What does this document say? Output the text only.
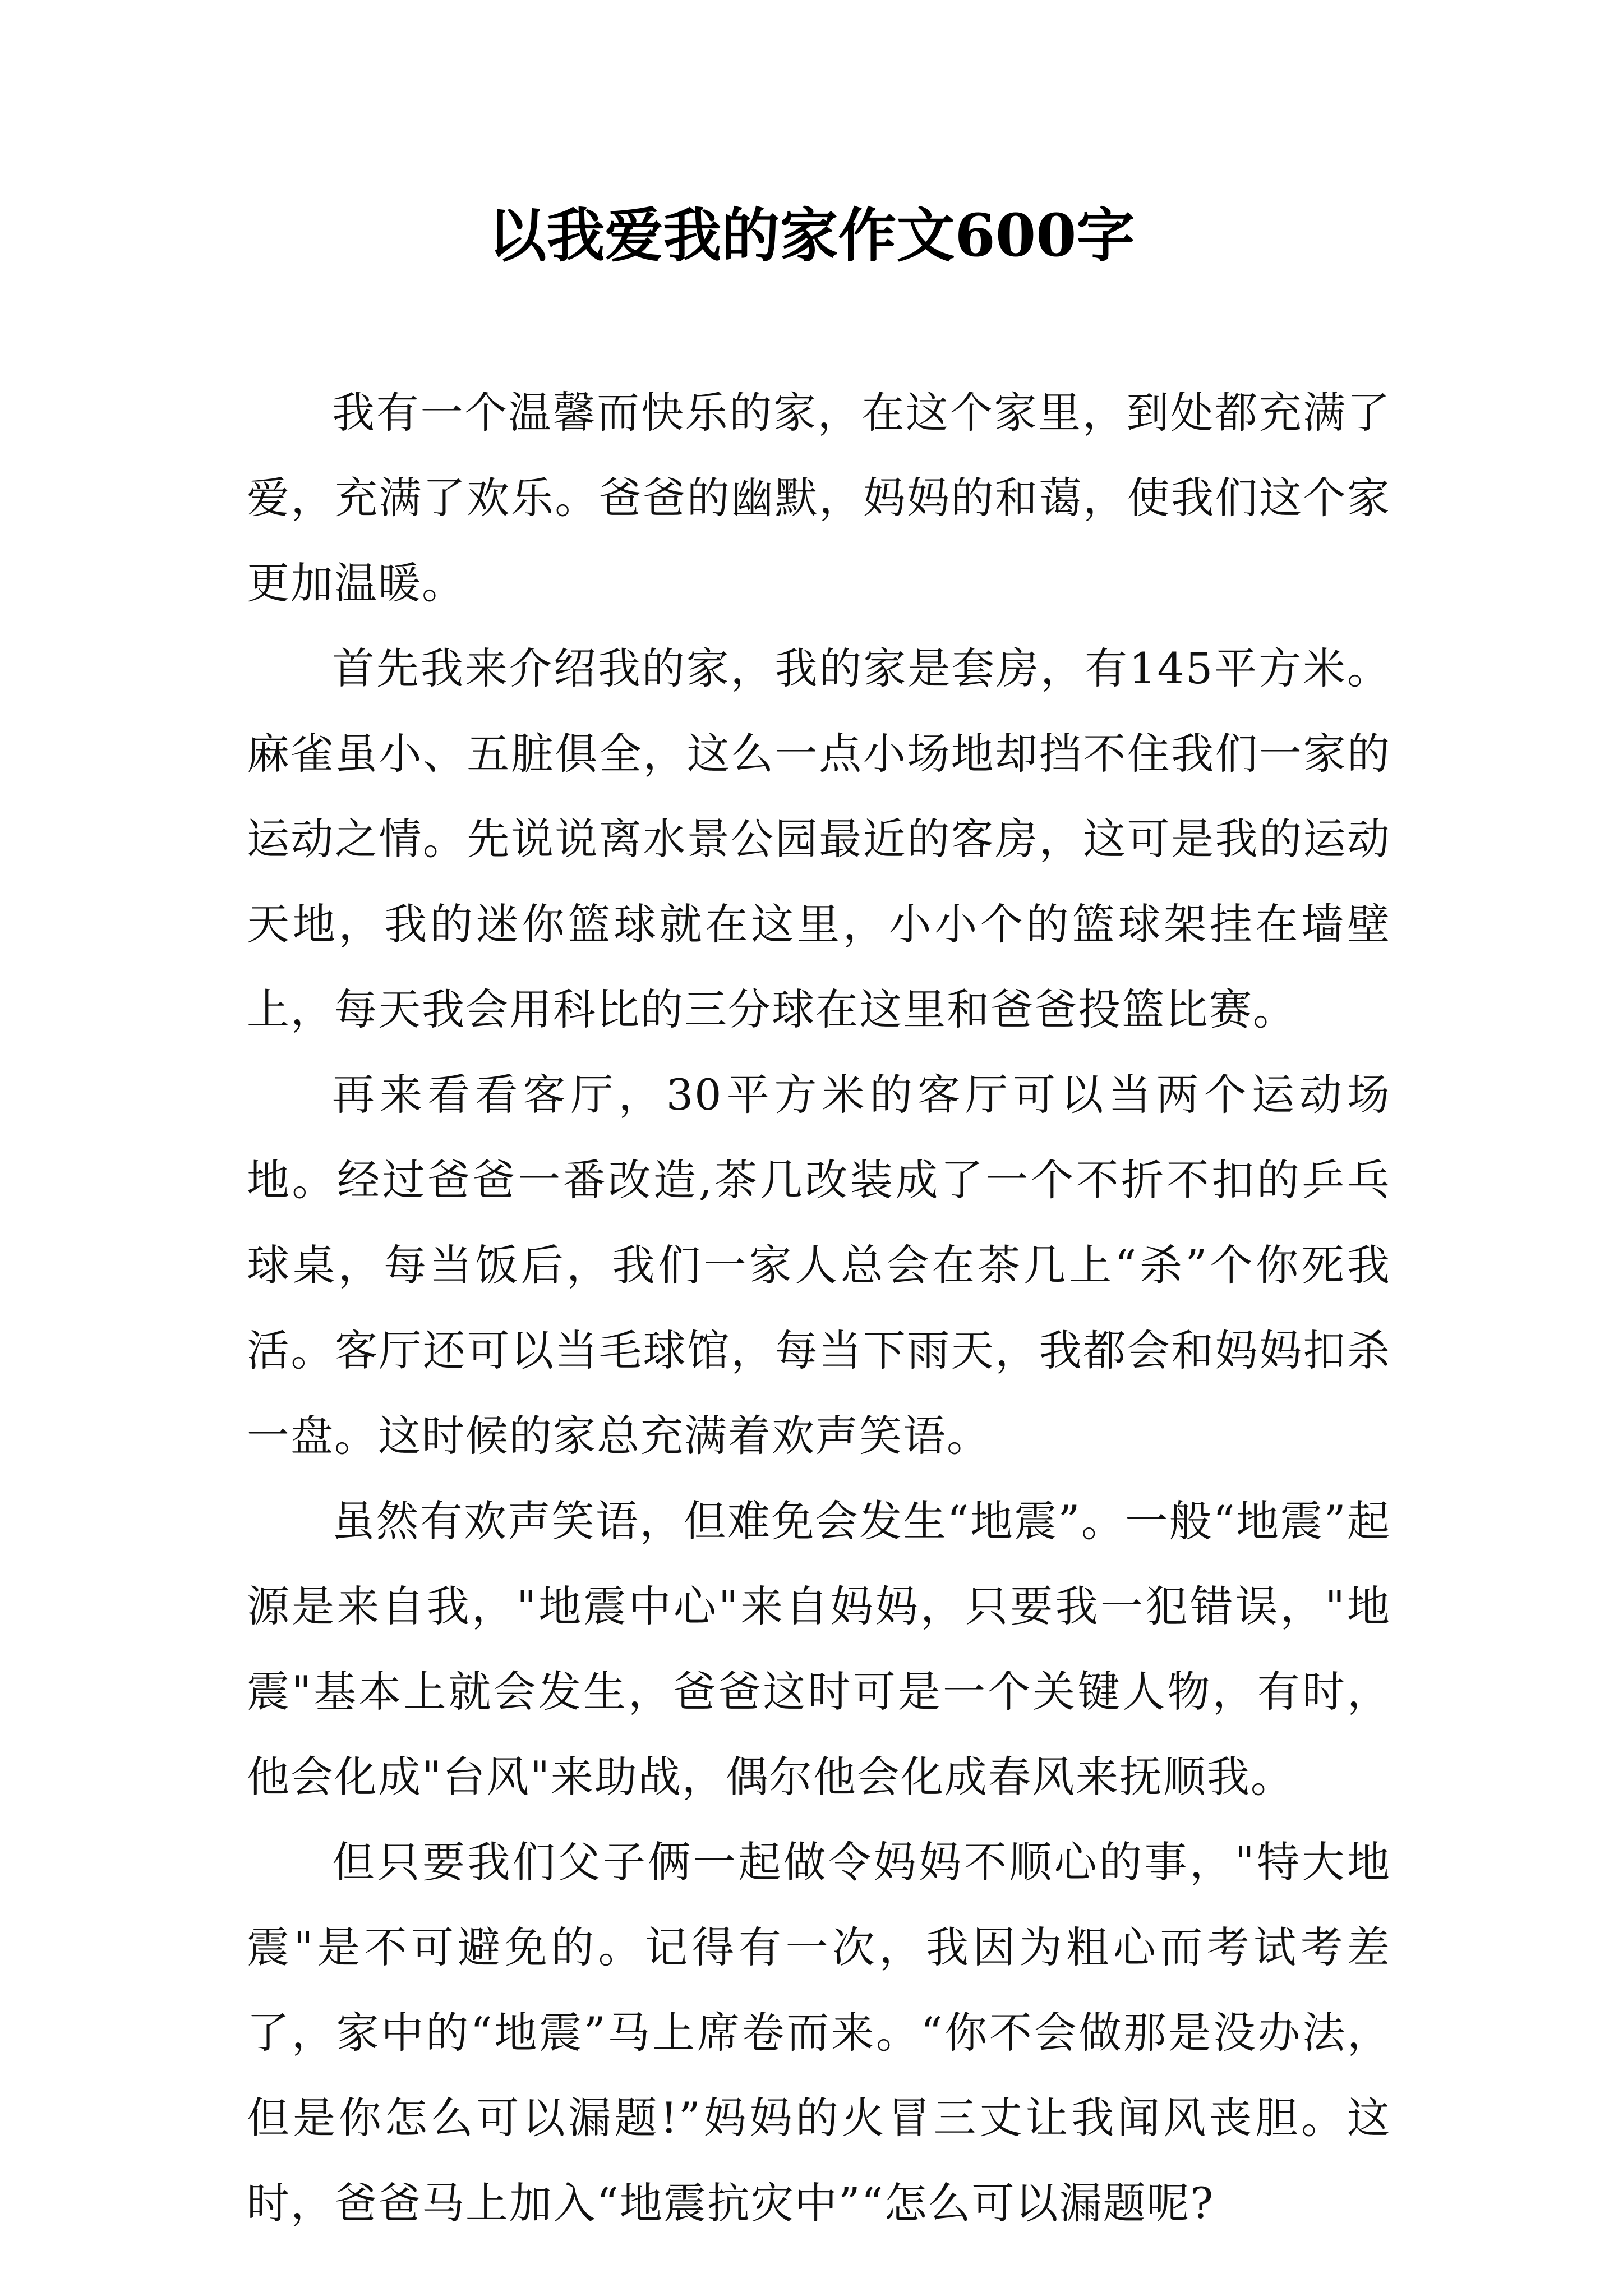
以我爱我的家作文600字

我有一个温馨而快乐的家，在这个家里，到处都充满了爱，充满了欢乐。爸爸的幽默，妈妈的和蔼，使我们这个家更加温暖。

首先我来介绍我的家，我的家是套房，有145平方米。麻雀虽小、五脏俱全，这么一点小场地却挡不住我们一家的运动之情。先说说离水景公园最近的客房，这可是我的运动天地，我的迷你篮球就在这里，小小个的篮球架挂在墙壁上，每天我会用科比的三分球在这里和爸爸投篮比赛。

再来看看客厅，30平方米的客厅可以当两个运动场地。经过爸爸一番改造,茶几改装成了一个不折不扣的乒乓球桌，每当饭后，我们一家人总会在茶几上“杀”个你死我活。客厅还可以当毛球馆，每当下雨天，我都会和妈妈扣杀一盘。这时候的家总充满着欢声笑语。

虽然有欢声笑语，但难免会发生“地震”。一般“地震”起源是来自我，"地震中心"来自妈妈，只要我一犯错误，"地震"基本上就会发生，爸爸这时可是一个关键人物，有时，他会化成"台风"来助战，偶尔他会化成春风来抚顺我。

但只要我们父子俩一起做令妈妈不顺心的事，"特大地震"是不可避免的。记得有一次，我因为粗心而考试考差了，家中的“地震”马上席卷而来。“你不会做那是没办法，但是你怎么可以漏题!”妈妈的火冒三丈让我闻风丧胆。这时，爸爸马上加入“地震抗灾中”“怎么可以漏题呢?
